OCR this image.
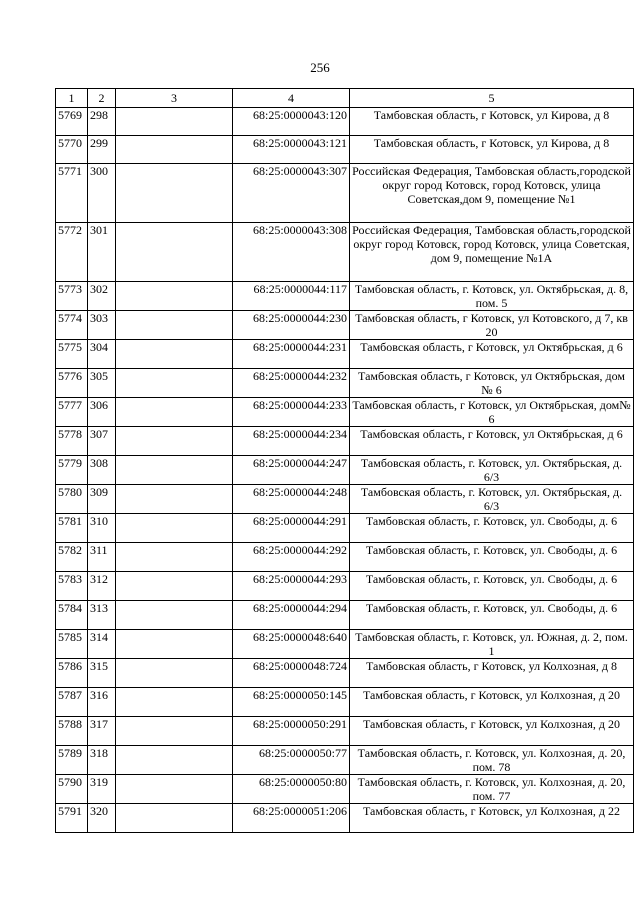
256
1	2	3	4	5
5769	298		68:25:0000043:120	Тамбовская область, г Котовск, ул Кирова, д 8
5770	299		68:25:0000043:121	Тамбовская область, г Котовск, ул Кирова, д 8
5771	300		68:25:0000043:307	Российская Федерация, Тамбовская область,городской округ город Котовск, город Котовск, улица Советская,дом 9, помещение №1
5772	301		68:25:0000043:308	Российская Федерация, Тамбовская область,городской округ город Котовск, город Котовск, улица Советская, дом 9, помещение №1А
5773	302		68:25:0000044:117	Тамбовская область, г. Котовск, ул. Октябрьская, д. 8, пом. 5
5774	303		68:25:0000044:230	Тамбовская область, г Котовск, ул Котовского, д 7, кв 20
5775	304		68:25:0000044:231	Тамбовская область, г Котовск, ул Октябрьская, д 6
5776	305		68:25:0000044:232	Тамбовская область, г Котовск, ул Октябрьская, дом № 6
5777	306		68:25:0000044:233	Тамбовская область, г Котовск, ул Октябрьская, дом№ 6
5778	307		68:25:0000044:234	Тамбовская область, г Котовск, ул Октябрьская, д 6
5779	308		68:25:0000044:247	Тамбовская область, г. Котовск, ул. Октябрьская, д. 6/3
5780	309		68:25:0000044:248	Тамбовская область, г. Котовск, ул. Октябрьская, д. 6/3
5781	310		68:25:0000044:291	Тамбовская область, г. Котовск, ул. Свободы, д. 6
5782	311		68:25:0000044:292	Тамбовская область, г. Котовск, ул. Свободы, д. 6
5783	312		68:25:0000044:293	Тамбовская область, г. Котовск, ул. Свободы, д. 6
5784	313		68:25:0000044:294	Тамбовская область, г. Котовск, ул. Свободы, д. 6
5785	314		68:25:0000048:640	Тамбовская область, г. Котовск, ул. Южная, д. 2, пом. 1
5786	315		68:25:0000048:724	Тамбовская область, г Котовск, ул Колхозная, д 8
5787	316		68:25:0000050:145	Тамбовская область, г Котовск, ул Колхозная, д 20
5788	317		68:25:0000050:291	Тамбовская область, г Котовск, ул Колхозная, д 20
5789	318		68:25:0000050:77	Тамбовская область, г. Котовск, ул. Колхозная, д. 20, пом. 78
5790	319		68:25:0000050:80	Тамбовская область, г. Котовск, ул. Колхозная, д. 20, пом. 77
5791	320		68:25:0000051:206	Тамбовская область, г Котовск, ул Колхозная, д 22
